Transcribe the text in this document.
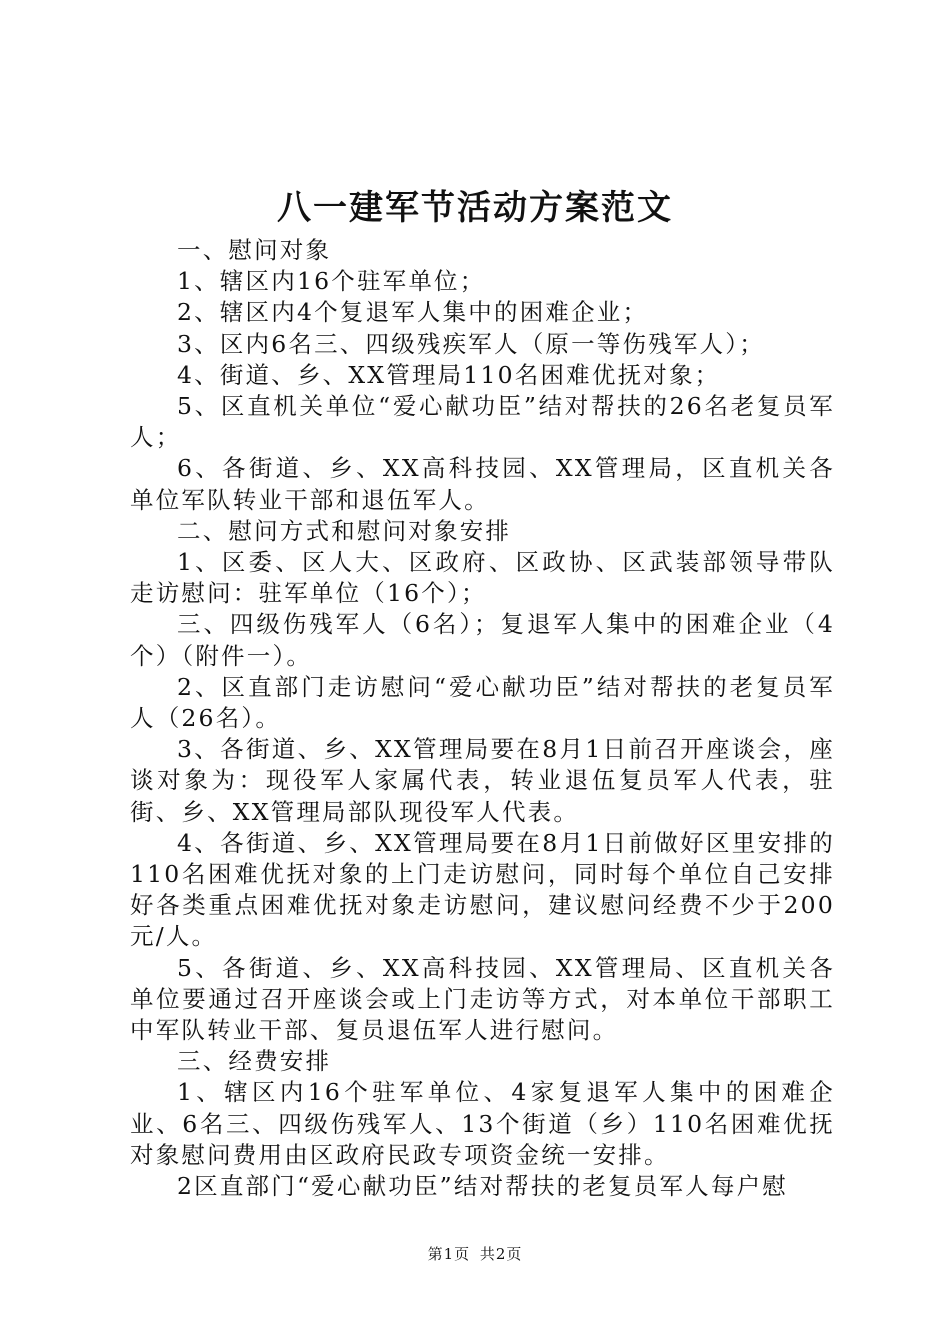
八一建军节活动方案范文

一、慰问对象

1、辖区内16个驻军单位；

2、辖区内4个复退军人集中的困难企业；

3、区内6名三、四级残疾军人（原一等伤残军人）；

4、街道、乡、XX管理局110名困难优抚对象；

5、区直机关单位“爱心献功臣”结对帮扶的26名老复员军人；

6、各街道、乡、XX高科技园、XX管理局，区直机关各单位军队转业干部和退伍军人。

二、慰问方式和慰问对象安排

1、区委、区人大、区政府、区政协、区武装部领导带队走访慰问：驻军单位（16个）；

三、四级伤残军人（6名）；复退军人集中的困难企业（4个）（附件一）。

2、区直部门走访慰问“爱心献功臣”结对帮扶的老复员军人（26名）。

3、各街道、乡、XX管理局要在8月1日前召开座谈会，座谈对象为：现役军人家属代表，转业退伍复员军人代表，驻街、乡、XX管理局部队现役军人代表。

4、各街道、乡、XX管理局要在8月1日前做好区里安排的110名困难优抚对象的上门走访慰问，同时每个单位自己安排好各类重点困难优抚对象走访慰问，建议慰问经费不少于200元/人。

5、各街道、乡、XX高科技园、XX管理局、区直机关各单位要通过召开座谈会或上门走访等方式，对本单位干部职工中军队转业干部、复员退伍军人进行慰问。

三、经费安排

1、辖区内16个驻军单位、4家复退军人集中的困难企业、6名三、四级伤残军人、13个街道（乡）110名困难优抚对象慰问费用由区政府民政专项资金统一安排。

2区直部门“爱心献功臣”结对帮扶的老复员军人每户慰

第1页 共2页
